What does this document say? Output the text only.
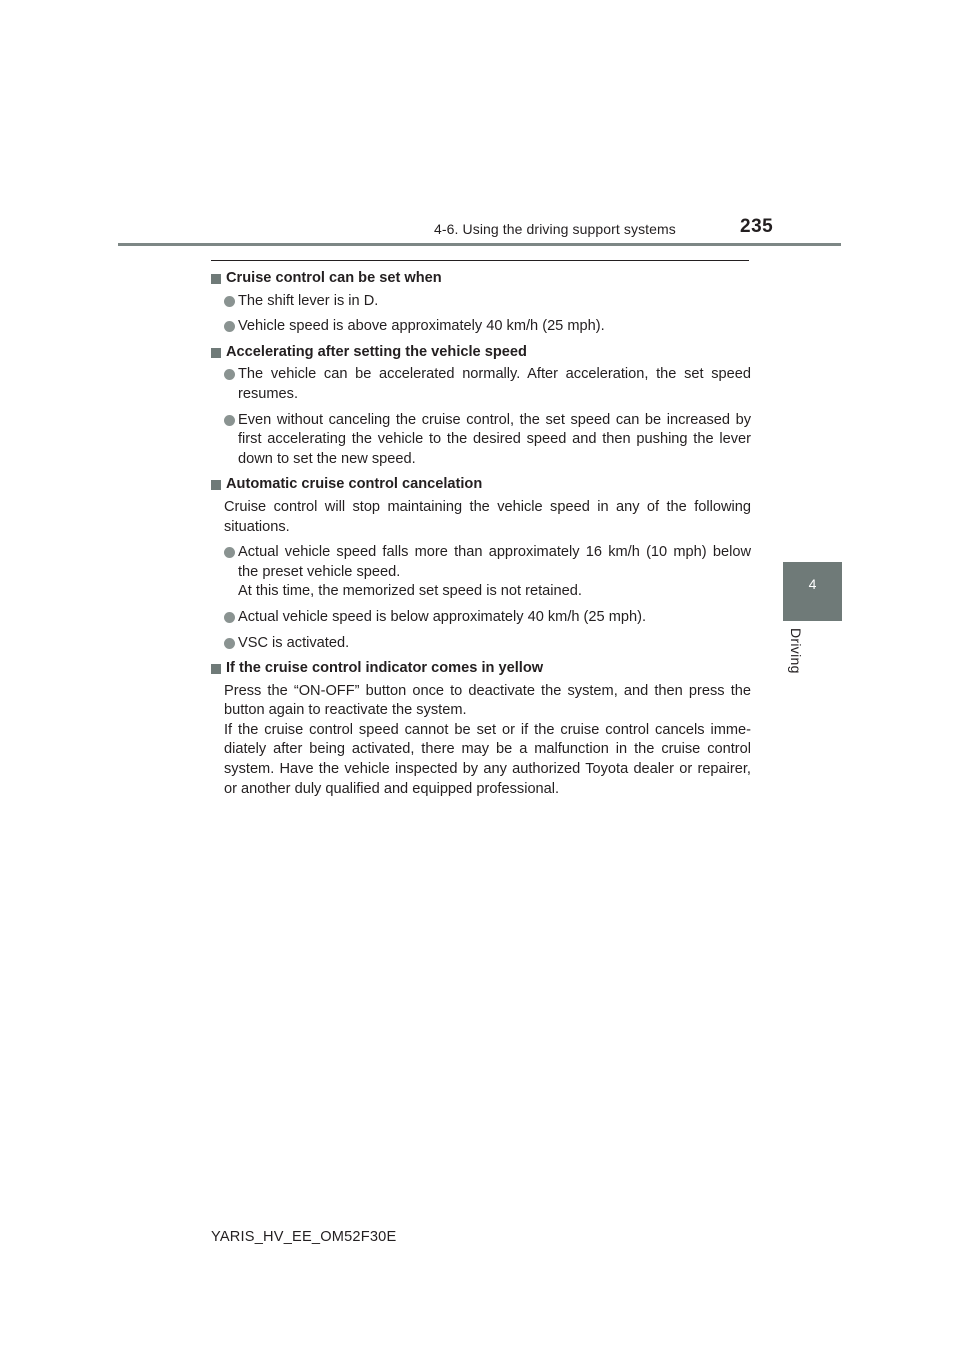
4-6. Using the driving support systems	235
4
Driving
Cruise control can be set when
The shift lever is in D.
Vehicle speed is above approximately 40 km/h (25 mph).
Accelerating after setting the vehicle speed
The vehicle can be accelerated normally. After acceleration, the set speed resumes.
Even without canceling the cruise control, the set speed can be increased by first accelerating the vehicle to the desired speed and then pushing the lever down to set the new speed.
Automatic cruise control cancelation
Cruise control will stop maintaining the vehicle speed in any of the following situations.
Actual vehicle speed falls more than approximately 16 km/h (10 mph) below the preset vehicle speed.
At this time, the memorized set speed is not retained.
Actual vehicle speed is below approximately 40 km/h (25 mph).
VSC is activated.
If the cruise control indicator comes in yellow
Press the “ON-OFF” button once to deactivate the system, and then press the button again to reactivate the system.
If the cruise control speed cannot be set or if the cruise control cancels imme-diately after being activated, there may be a malfunction in the cruise control system. Have the vehicle inspected by any authorized Toyota dealer or repairer, or another duly qualified and equipped professional.
YARIS_HV_EE_OM52F30E
